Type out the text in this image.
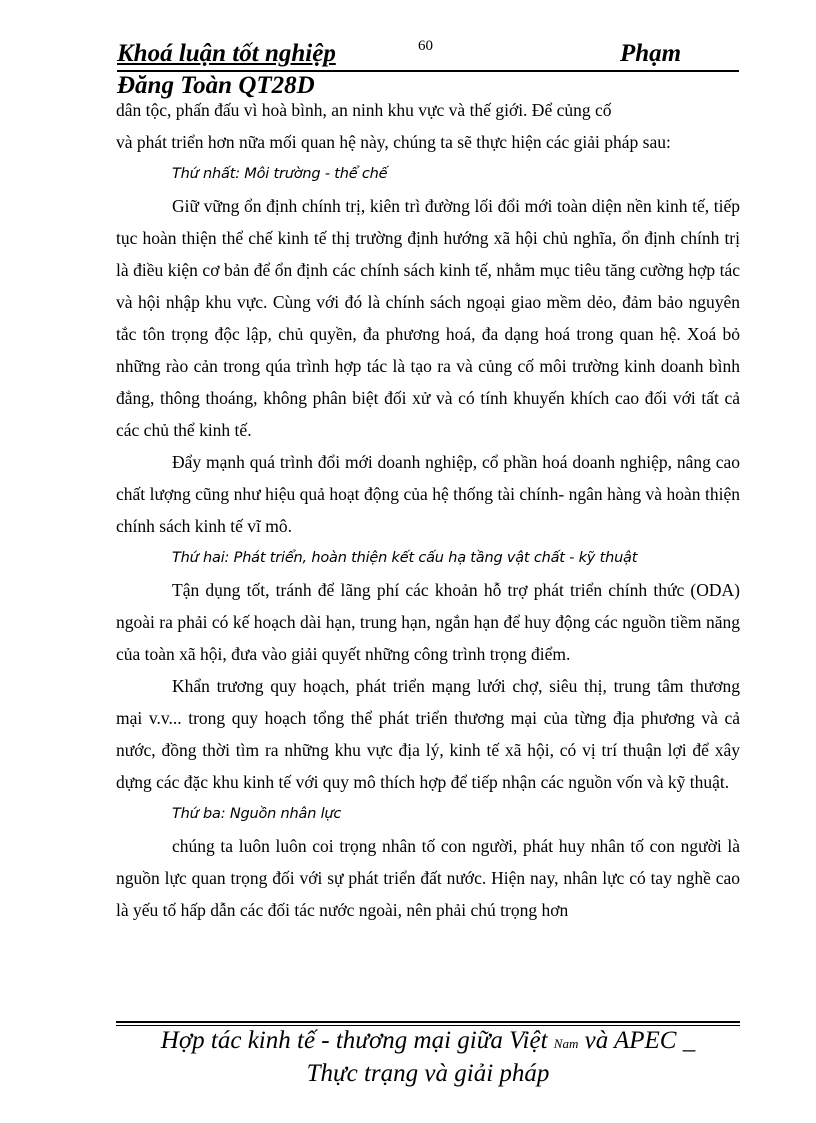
60
Khoá luận tốt nghiệp	Phạm
Đăng Toàn QT28D

dân tộc, phấn đấu vì hoà bình, an ninh khu vực và thế giới. Để củng cố
và phát triển hơn nữa mối quan hệ này, chúng ta sẽ thực hiện các giải pháp sau:

Thứ nhất: Môi trường - thể chế

Giữ vững ổn định chính trị, kiên trì đường lối đổi mới toàn diện nền kinh tế, tiếp tục hoàn thiện thể chế kinh tế thị trường định hướng xã hội chủ nghĩa, ổn định chính trị là điều kiện cơ bản để ổn định các chính sách kinh tế, nhằm mục tiêu tăng cường hợp tác và hội nhập khu vực. Cùng với đó là chính sách ngoại giao mềm dẻo, đảm bảo nguyên tắc tôn trọng độc lập, chủ quyền, đa phương hoá, đa dạng hoá trong quan hệ. Xoá bỏ những rào cản trong qúa trình hợp tác là tạo ra và củng cố môi trường kinh doanh bình đẳng, thông thoáng, không phân biệt đối xử và có tính khuyến khích cao đối với tất cả các chủ thể kinh tế.

Đẩy mạnh quá trình đổi mới doanh nghiệp, cổ phần hoá doanh nghiệp, nâng cao chất lượng cũng như hiệu quả hoạt động của hệ thống tài chính- ngân hàng và hoàn thiện chính sách kinh tế vĩ mô.

Thứ hai: Phát triển, hoàn thiện kết cấu hạ tầng vật chất - kỹ thuật

Tận dụng tốt, tránh để lãng phí các khoản hỗ trợ phát triển chính thức (ODA) ngoài ra phải có kế hoạch dài hạn, trung hạn, ngắn hạn để huy động các nguồn tiềm năng của toàn xã hội, đưa vào giải quyết những công trình trọng điểm.

Khẩn trương quy hoạch, phát triển mạng lưới chợ, siêu thị, trung tâm thương mại v.v... trong quy hoạch tổng thể phát triển thương mại của từng địa phương và cả nước, đồng thời tìm ra những khu vực địa lý, kinh tế xã hội, có vị trí thuận lợi để xây dựng các đặc khu kinh tế với quy mô thích hợp để tiếp nhận các nguồn vốn và kỹ thuật.

Thứ ba: Nguồn nhân lực

chúng ta luôn luôn coi trọng nhân tố con người, phát huy nhân tố con người là nguồn lực quan trọng đối với sự phát triển đất nước. Hiện nay, nhân lực có tay nghề cao là yếu tố hấp dẫn các đối tác nước ngoài, nên phải chú trọng hơn

Hợp tác kinh tế - thương mại giữa Việt Nam và APEC _
Thực trạng và giải pháp
